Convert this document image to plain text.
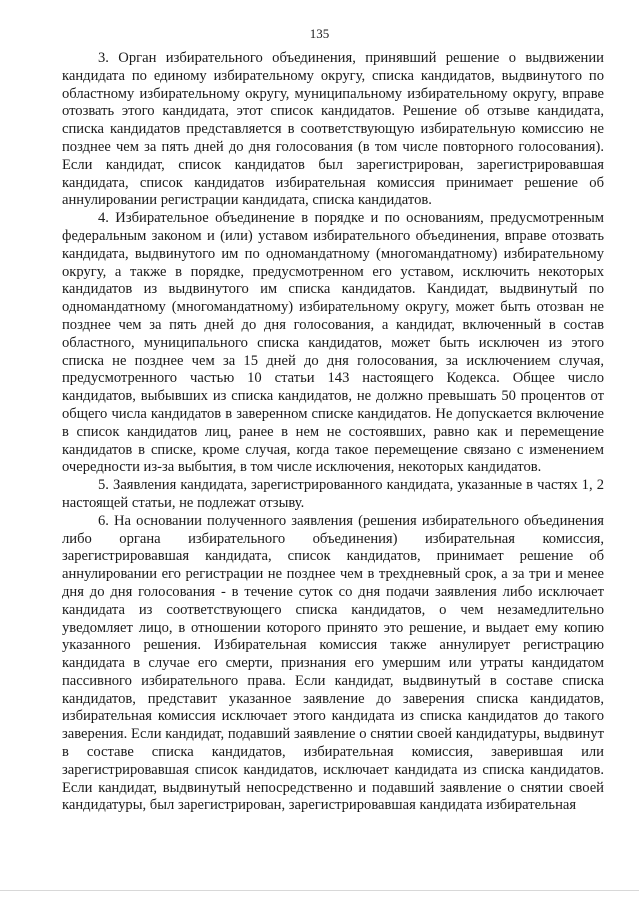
135

3. Орган избирательного объединения, принявший решение о выдвижении кандидата по единому избирательному округу, списка кандидатов, выдвинутого по областному избирательному округу, муниципальному избирательному округу, вправе отозвать этого кандидата, этот список кандидатов. Решение об отзыве кандидата, списка кандидатов представляется в соответствующую избирательную комиссию не позднее чем за пять дней до дня голосования (в том числе повторного голосования). Если кандидат, список кандидатов был зарегистрирован, зарегистрировавшая кандидата, список кандидатов избирательная комиссия принимает решение об аннулировании регистрации кандидата, списка кандидатов.

4. Избирательное объединение в порядке и по основаниям, предусмотренным федеральным законом и (или) уставом избирательного объединения, вправе отозвать кандидата, выдвинутого им по одномандатному (многомандатному) избирательному округу, а также в порядке, предусмотренном его уставом, исключить некоторых кандидатов из выдвинутого им списка кандидатов. Кандидат, выдвинутый по одномандатному (многомандатному) избирательному округу, может быть отозван не позднее чем за пять дней до дня голосования, а кандидат, включенный в состав областного, муниципального списка кандидатов, может быть исключен из этого списка не позднее чем за 15 дней до дня голосования, за исключением случая, предусмотренного частью 10 статьи 143 настоящего Кодекса. Общее число кандидатов, выбывших из списка кандидатов, не должно превышать 50 процентов от общего числа кандидатов в заверенном списке кандидатов. Не допускается включение в список кандидатов лиц, ранее в нем не состоявших, равно как и перемещение кандидатов в списке, кроме случая, когда такое перемещение связано с изменением очередности из-за выбытия, в том числе исключения, некоторых кандидатов.

5. Заявления кандидата, зарегистрированного кандидата, указанные в частях 1, 2 настоящей статьи, не подлежат отзыву.

6. На основании полученного заявления (решения избирательного объединения либо органа избирательного объединения) избирательная комиссия, зарегистрировавшая кандидата, список кандидатов, принимает решение об аннулировании его регистрации не позднее чем в трехдневный срок, а за три и менее дня до дня голосования - в течение суток со дня подачи заявления либо исключает кандидата из соответствующего списка кандидатов, о чем незамедлительно уведомляет лицо, в отношении которого принято это решение, и выдает ему копию указанного решения. Избирательная комиссия также аннулирует регистрацию кандидата в случае его смерти, признания его умершим или утраты кандидатом пассивного избирательного права. Если кандидат, выдвинутый в составе списка кандидатов, представит указанное заявление до заверения списка кандидатов, избирательная комиссия исключает этого кандидата из списка кандидатов до такого заверения. Если кандидат, подавший заявление о снятии своей кандидатуры, выдвинут в составе списка кандидатов, избирательная комиссия, заверившая или зарегистрировавшая список кандидатов, исключает кандидата из списка кандидатов. Если кандидат, выдвинутый непосредственно и подавший заявление о снятии своей кандидатуры, был зарегистрирован, зарегистрировавшая кандидата избирательная
